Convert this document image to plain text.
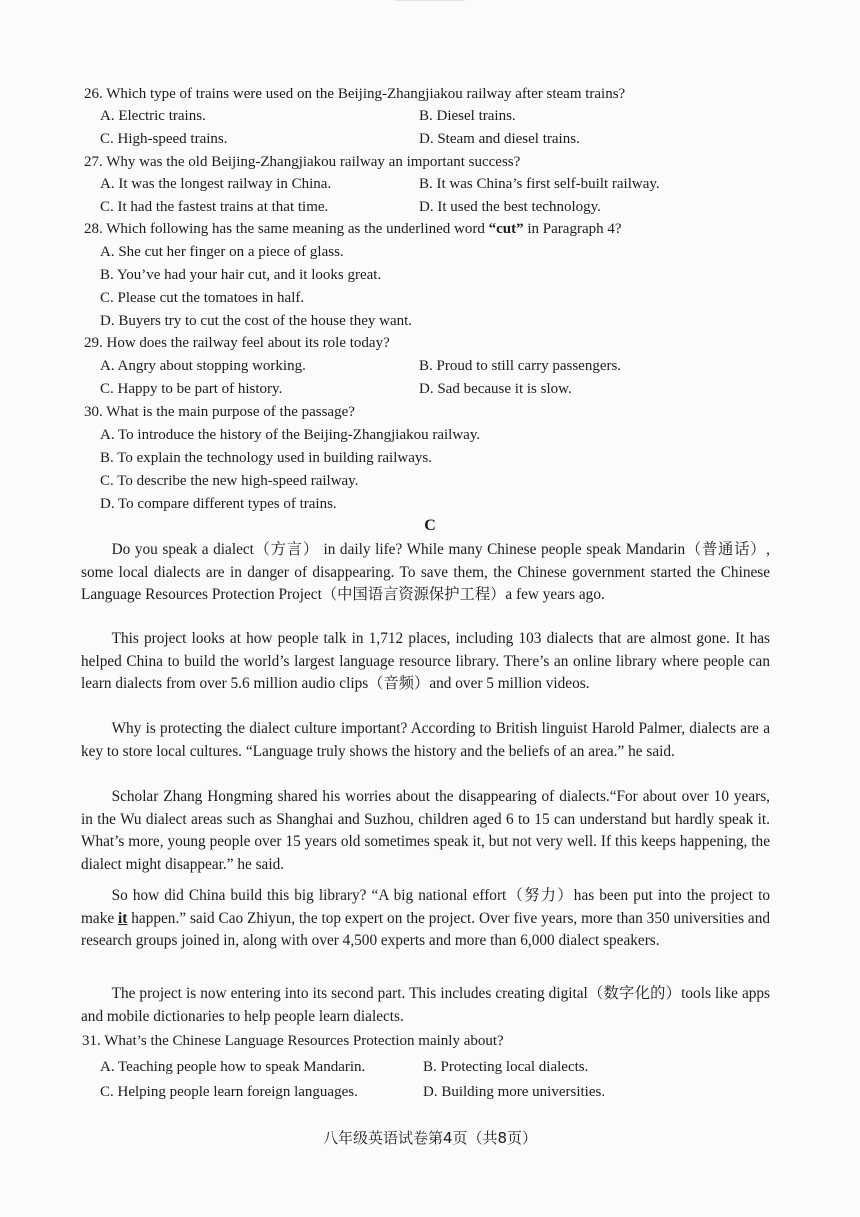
26. Which type of trains were used on the Beijing-Zhangjiakou railway after steam trains?
A. Electric trains.	B. Diesel trains.
C. High-speed trains.	D. Steam and diesel trains.
27. Why was the old Beijing-Zhangjiakou railway an important success?
A. It was the longest railway in China.	B. It was China’s first self-built railway.
C. It had the fastest trains at that time.	D. It used the best technology.
28. Which following has the same meaning as the underlined word “cut” in Paragraph 4?
A. She cut her finger on a piece of glass.
B. You’ve had your hair cut, and it looks great.
C. Please cut the tomatoes in half.
D. Buyers try to cut the cost of the house they want.
29. How does the railway feel about its role today?
A. Angry about stopping working.	B. Proud to still carry passengers.
C. Happy to be part of history.	D. Sad because it is slow.
30. What is the main purpose of the passage?
A. To introduce the history of the Beijing-Zhangjiakou railway.
B. To explain the technology used in building railways.
C. To describe the new high-speed railway.
D. To compare different types of trains.
C

Do you speak a dialect（方言） in daily life? While many Chinese people speak Mandarin（普通话）, some local dialects are in danger of disappearing. To save them, the Chinese government started the Chinese Language Resources Protection Project（中国语言资源保护工程）a few years ago.

This project looks at how people talk in 1,712 places, including 103 dialects that are almost gone. It has helped China to build the world’s largest language resource library. There’s an online library where people can learn dialects from over 5.6 million audio clips（音频）and over 5 million videos.

Why is protecting the dialect culture important? According to British linguist Harold Palmer, dialects are a key to store local cultures. “Language truly shows the history and the beliefs of an area.” he said.

Scholar Zhang Hongming shared his worries about the disappearing of dialects.“For about over 10 years, in the Wu dialect areas such as Shanghai and Suzhou, children aged 6 to 15 can understand but hardly speak it. What’s more, young people over 15 years old sometimes speak it, but not very well. If this keeps happening, the dialect might disappear.” he said.

So how did China build this big library? “A big national effort（努力）has been put into the project to make it happen.” said Cao Zhiyun, the top expert on the project. Over five years, more than 350 universities and research groups joined in, along with over 4,500 experts and more than 6,000 dialect speakers.

The project is now entering into its second part. This includes creating digital（数字化的）tools like apps and mobile dictionaries to help people learn dialects.

31. What’s the Chinese Language Resources Protection mainly about?
A. Teaching people how to speak Mandarin.	B. Protecting local dialects.
C. Helping people learn foreign languages.	D. Building more universities.
八年级英语试卷第4页（共8页）
